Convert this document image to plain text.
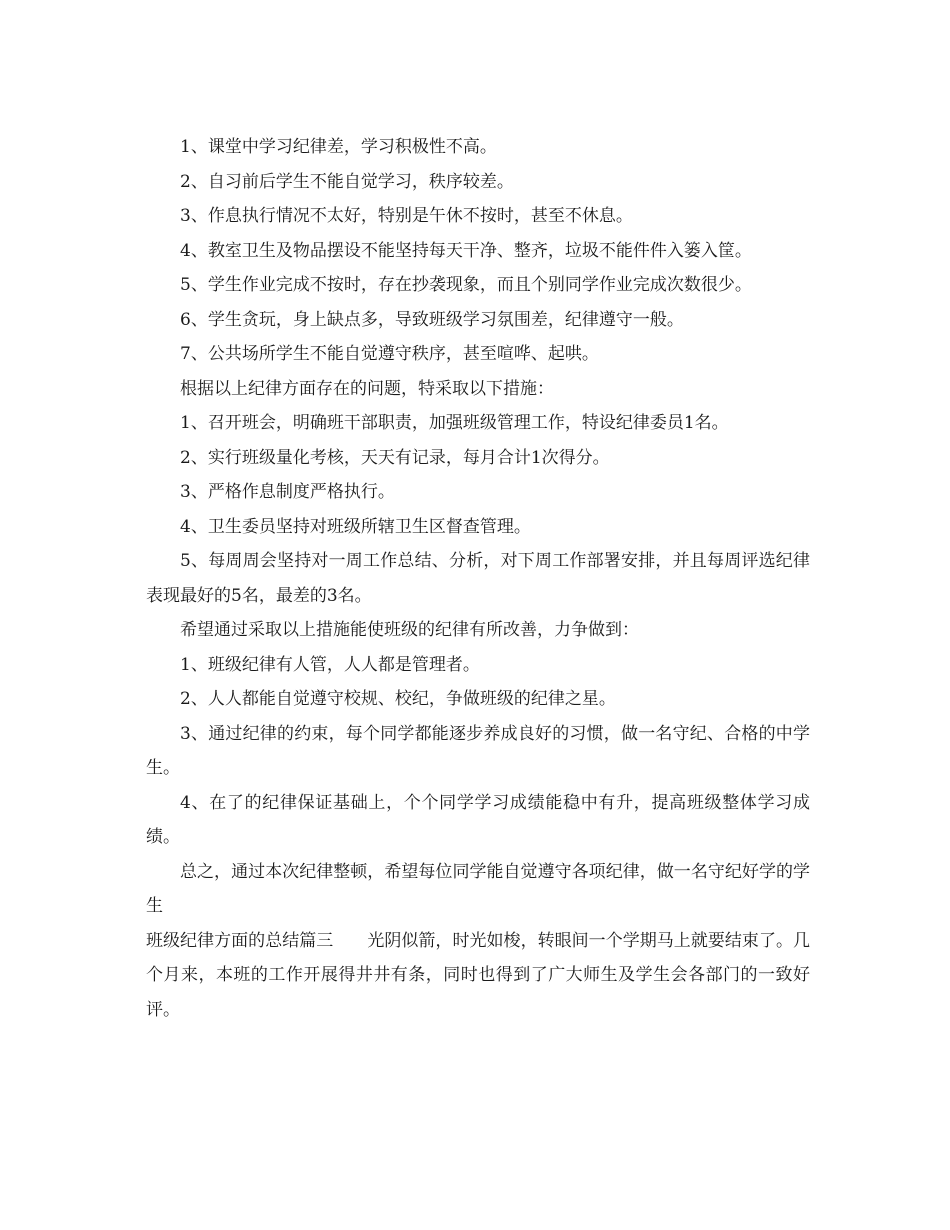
1、课堂中学习纪律差，学习积极性不高。

2、自习前后学生不能自觉学习，秩序较差。

3、作息执行情况不太好，特别是午休不按时，甚至不休息。

4、教室卫生及物品摆设不能坚持每天干净、整齐，垃圾不能件件入篓入筐。

5、学生作业完成不按时，存在抄袭现象，而且个别同学作业完成次数很少。

6、学生贪玩，身上缺点多，导致班级学习氛围差，纪律遵守一般。

7、公共场所学生不能自觉遵守秩序，甚至喧哗、起哄。

根据以上纪律方面存在的问题，特采取以下措施：

1、召开班会，明确班干部职责，加强班级管理工作，特设纪律委员1名。

2、实行班级量化考核，天天有记录，每月合计1次得分。

3、严格作息制度严格执行。

4、卫生委员坚持对班级所辖卫生区督查管理。

5、每周周会坚持对一周工作总结、分析，对下周工作部署安排，并且每周评选纪律表现最好的5名，最差的3名。

希望通过采取以上措施能使班级的纪律有所改善，力争做到：

1、班级纪律有人管，人人都是管理者。

2、人人都能自觉遵守校规、校纪，争做班级的纪律之星。

3、通过纪律的约束，每个同学都能逐步养成良好的习惯，做一名守纪、合格的中学生。

4、在了的纪律保证基础上，个个同学学习成绩能稳中有升，提高班级整体学习成绩。

总之，通过本次纪律整顿，希望每位同学能自觉遵守各项纪律，做一名守纪好学的学生

班级纪律方面的总结篇三 光阴似箭，时光如梭，转眼间一个学期马上就要结束了。几个月来，本班的工作开展得井井有条，同时也得到了广大师生及学生会各部门的一致好评。
